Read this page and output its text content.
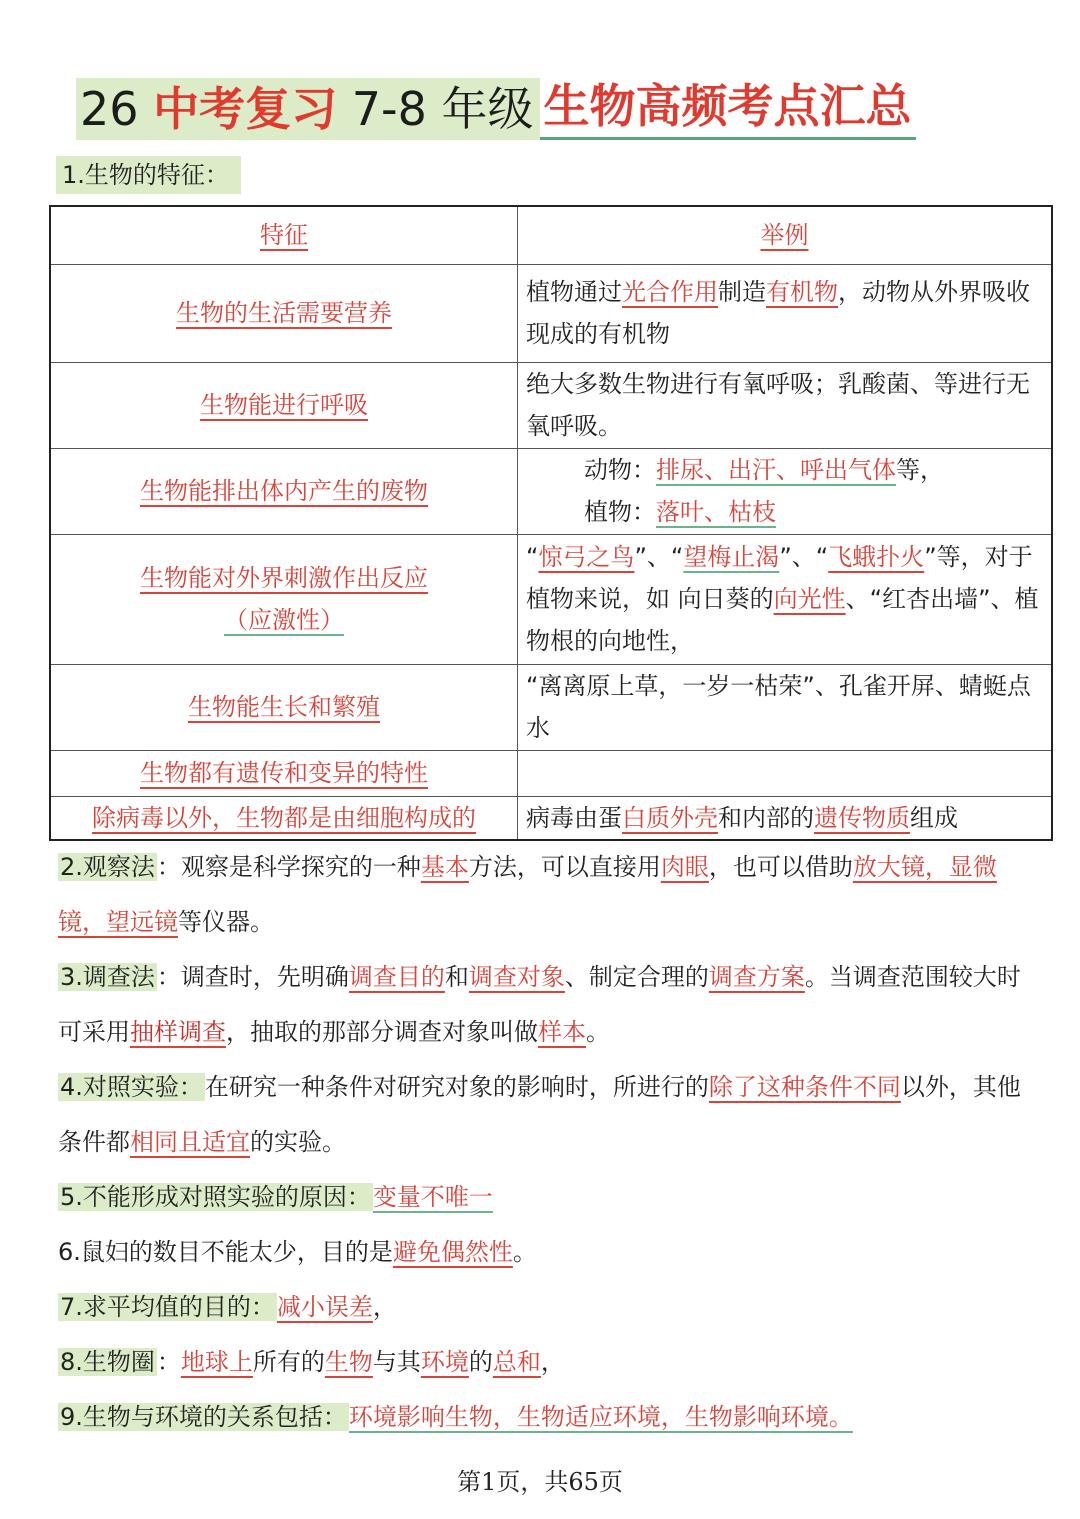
26 中考复习 7-8 年级 生物高频考点汇总
1.生物的特征：
特征	举例
生物的生活需要营养	植物通过光合作用制造有机物，动物从外界吸收现成的有机物
生物能进行呼吸	绝大多数生物进行有氧呼吸；乳酸菌、等进行无氧呼吸。
生物能排出体内产生的废物	动物：排尿、出汗、呼出气体等，
植物：落叶、枯枝

生物能对外界刺激作出反应
（应激性）	“惊弓之鸟”、“望梅止渴”、“飞蛾扑火”等，对于植物来说，如 向日葵的向光性、“红杏出墙”、植物根的向地性，
生物能生长和繁殖	“离离原上草，一岁一枯荣”、孔雀开屏、蜻蜓点水
生物都有遗传和变异的特性	
除病毒以外，生物都是由细胞构成的	病毒由蛋白质外壳和内部的遗传物质组成
2.观察法：观察是科学探究的一种基本方法，可以直接用肉眼，也可以借助放大镜，显微镜，望远镜等仪器。
3.调查法：调查时，先明确调查目的和调查对象、制定合理的调查方案。当调查范围较大时可采用抽样调查，抽取的那部分调查对象叫做样本。
4.对照实验：在研究一种条件对研究对象的影响时，所进行的除了这种条件不同以外，其他条件都相同且适宜的实验。
5.不能形成对照实验的原因：变量不唯一
6.鼠妇的数目不能太少，目的是避免偶然性。
7.求平均值的目的：减小误差，
8.生物圈：地球上所有的生物与其环境的总和，
9.生物与环境的关系包括：环境影响生物，生物适应环境，生物影响环境。
第1页，共65页
